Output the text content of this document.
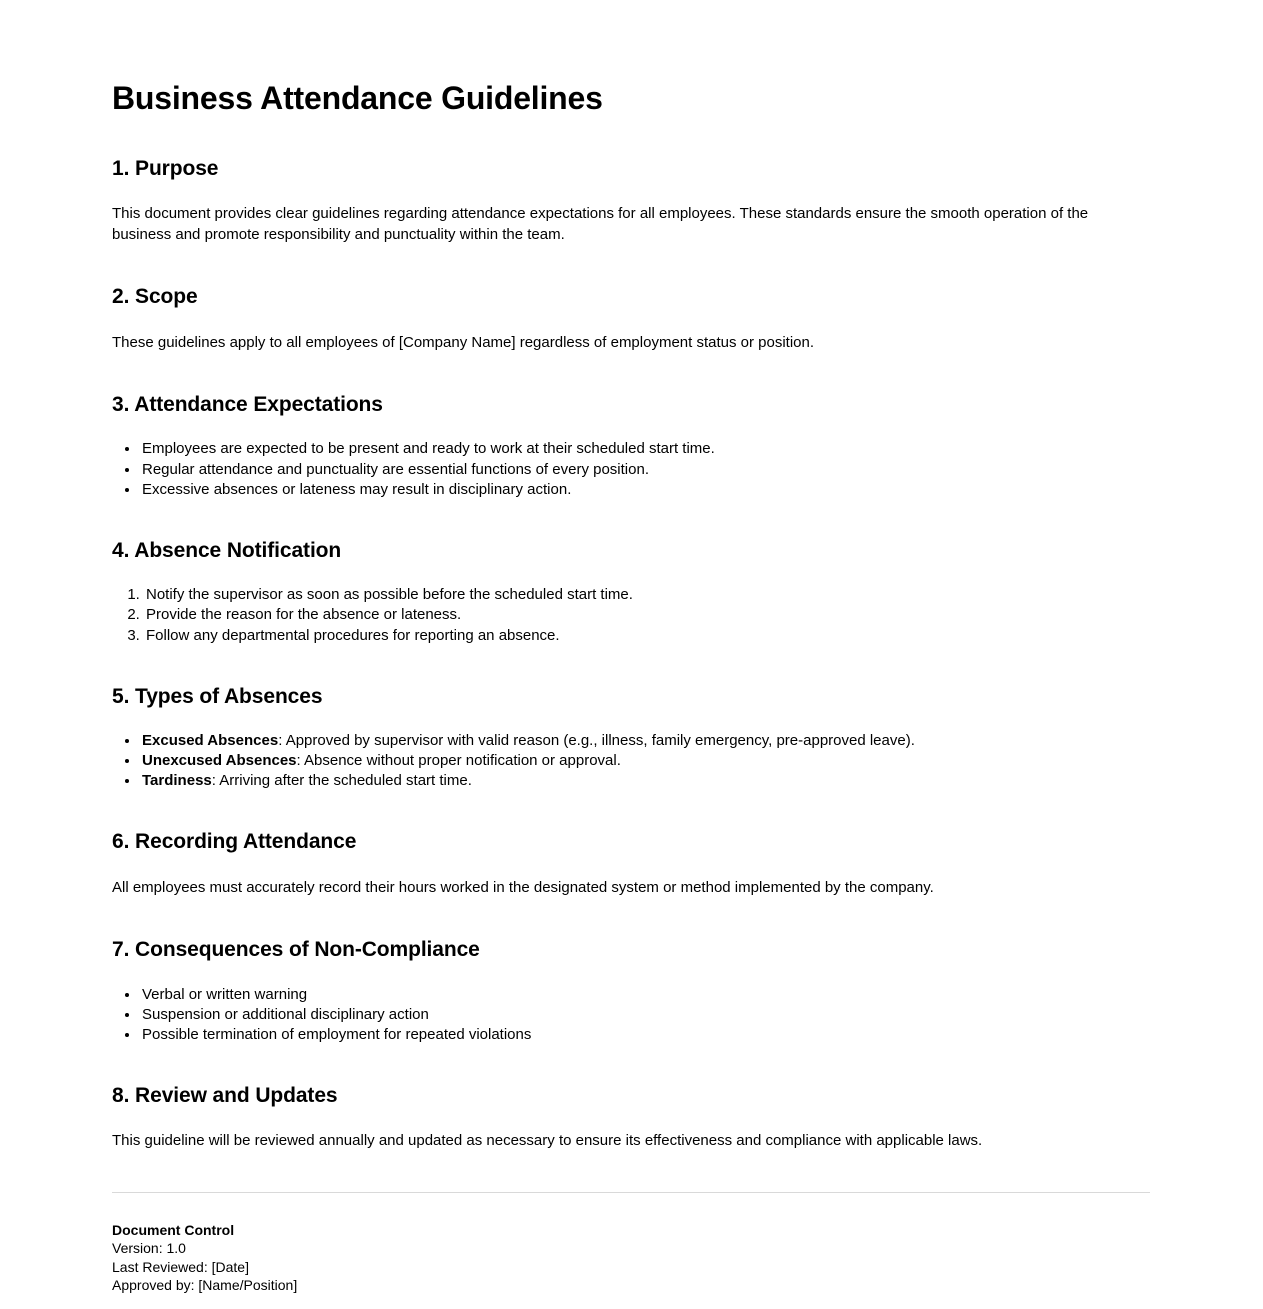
Business Attendance Guidelines
1. Purpose

This document provides clear guidelines regarding attendance expectations for all employees. These standards ensure the smooth operation of the business and promote responsibility and punctuality within the team.

2. Scope

These guidelines apply to all employees of [Company Name] regardless of employment status or position.

3. Attendance Expectations
• Employees are expected to be present and ready to work at their scheduled start time.
• Regular attendance and punctuality are essential functions of every position.
• Excessive absences or lateness may result in disciplinary action.
4. Absence Notification
1. Notify the supervisor as soon as possible before the scheduled start time.
2. Provide the reason for the absence or lateness.
3. Follow any departmental procedures for reporting an absence.
5. Types of Absences
• Excused Absences: Approved by supervisor with valid reason (e.g., illness, family emergency, pre-approved leave).
• Unexcused Absences: Absence without proper notification or approval.
• Tardiness: Arriving after the scheduled start time.
6. Recording Attendance

All employees must accurately record their hours worked in the designated system or method implemented by the company.

7. Consequences of Non-Compliance
• Verbal or written warning
• Suspension or additional disciplinary action
• Possible termination of employment for repeated violations
8. Review and Updates

This guideline will be reviewed annually and updated as necessary to ensure its effectiveness and compliance with applicable laws.

Document Control
Version: 1.0
Last Reviewed: [Date]
Approved by: [Name/Position]
